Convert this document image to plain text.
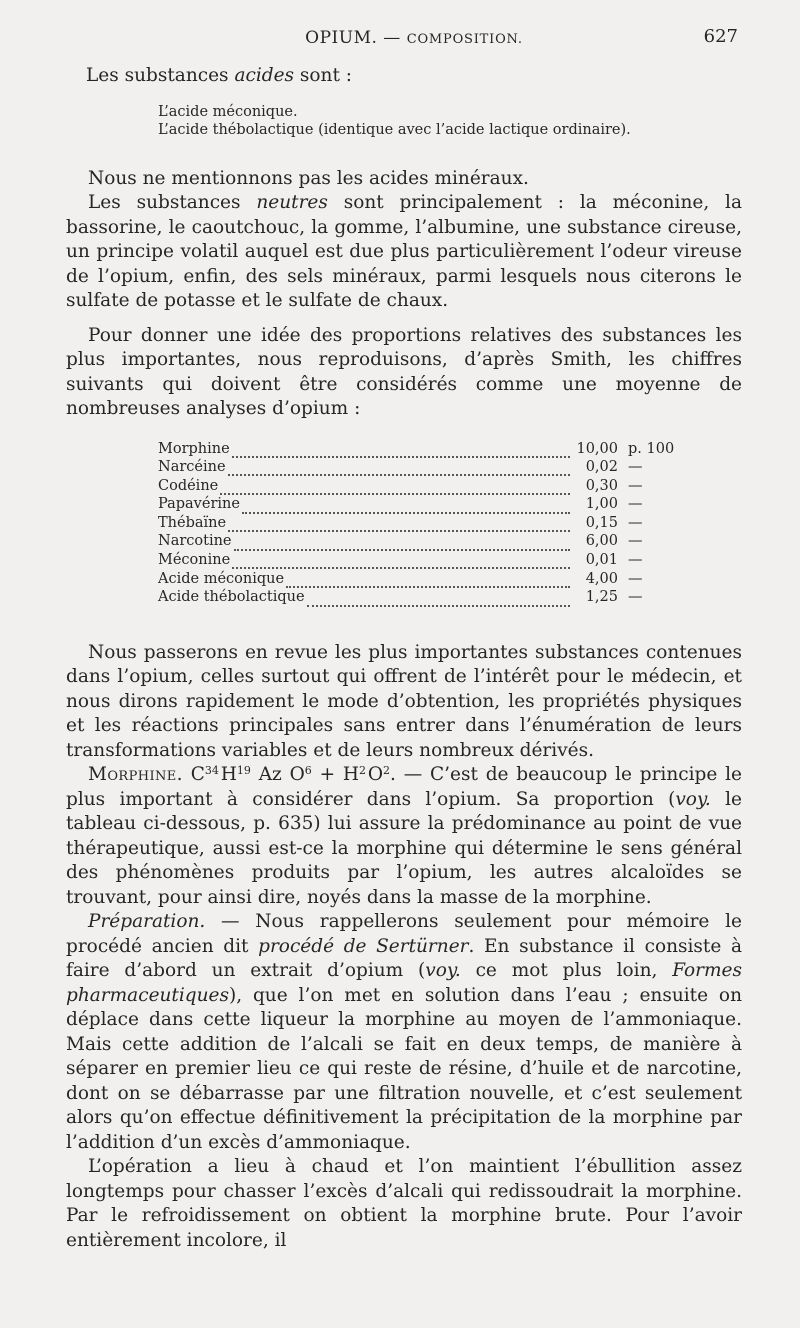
OPIUM. — COMPOSITION.	627

Les substances acides sont :

L’acide méconique.
L’acide thébolactique (identique avec l’acide lactique ordinaire).

Nous ne mentionnons pas les acides minéraux.

Les substances neutres sont principalement : la méconine, la bassorine, le caoutchouc, la gomme, l’albumine, une substance cireuse, un principe volatil auquel est due plus particulièrement l’odeur vireuse de l’opium, enfin, des sels minéraux, parmi lesquels nous citerons le sulfate de potasse et le sulfate de chaux.

Pour donner une idée des proportions relatives des substances les plus importantes, nous reproduisons, d’après Smith, les chiffres suivants qui doivent être considérés comme une moyenne de nombreuses analyses d’opium :

Morphine	10,00 p. 100
Narcéine	0,02 —
Codéine	0,30 —
Papavérine	1,00 —
Thébaïne	0,15 —
Narcotine	6,00 —
Méconine	0,01 —
Acide méconique	4,00 —
Acide thébolactique	1,25 —

Nous passerons en revue les plus importantes substances contenues dans l’opium, celles surtout qui offrent de l’intérêt pour le médecin, et nous dirons rapidement le mode d’obtention, les propriétés physiques et les réactions principales sans entrer dans l’énumération de leurs transformations variables et de leurs nombreux dérivés.

Morphine. $C^{34}$ $H^{19}$ Az $O^6 + H^2$ $O^2$. — C’est de beaucoup le principe le plus important à considérer dans l’opium. Sa proportion (voy. le tableau ci-dessous, p. 635) lui assure la prédominance au point de vue thérapeutique, aussi est-ce la morphine qui détermine le sens général des phénomènes produits par l’opium, les autres alcaloïdes se trouvant, pour ainsi dire, noyés dans la masse de la morphine.

Préparation. — Nous rappellerons seulement pour mémoire le procédé ancien dit procédé de Sertürner. En substance il consiste à faire d’abord un extrait d’opium (voy. ce mot plus loin, Formes pharmaceutiques), que l’on met en solution dans l’eau ; ensuite on déplace dans cette liqueur la morphine au moyen de l’ammoniaque. Mais cette addition de l’alcali se fait en deux temps, de manière à séparer en premier lieu ce qui reste de résine, d’huile et de narcotine, dont on se débarrasse par une filtration nouvelle, et c’est seulement alors qu’on effectue définitivement la précipitation de la morphine par l’addition d’un excès d’ammoniaque.

L’opération a lieu à chaud et l’on maintient l’ébullition assez longtemps pour chasser l’excès d’alcali qui redissoudrait la morphine. Par le refroidissement on obtient la morphine brute. Pour l’avoir entièrement incolore, il
